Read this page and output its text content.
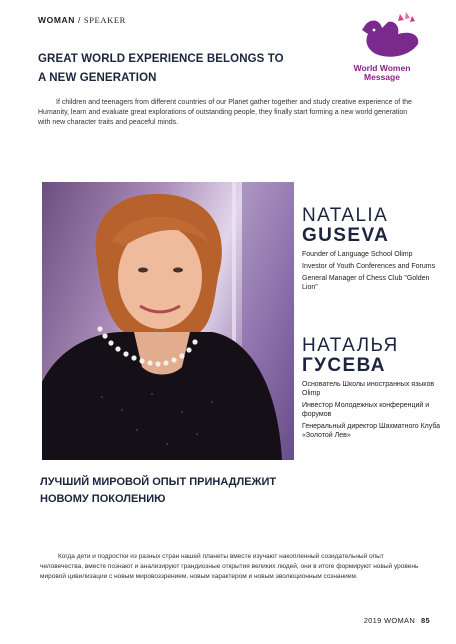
WOMAN / SPEAKER
World Women
Message
GREAT WORLD EXPERIENCE BELONGS TO
A NEW GENERATION
If children and teenagers from different countries of our Planet gather together and study creative experience of the Humanity, learn and evaluate great explorations of outstanding people, they finally start forming a new world generation with new character traits and peaceful minds.
NATALIA
GUSEVA
Founder of Language School Olimp
Investor of Youth Conferences and Forums
General Manager of Chess Club "Golden Lion"
НАТАЛЬЯ
ГУСЕВА
Основатель Школы иностранных языков Olimp
Инвестор Молодежных конференций и форумов
Генеральный директор Шахматного Клуба «Золотой Лев»
ЛУЧШИЙ МИРОВОЙ ОПЫТ ПРИНАДЛЕЖИТ
НОВОМУ ПОКОЛЕНИЮ
Когда дети и подростки из разных стран нашей планеты вместе изучают накопленный созидательный опыт человечества, вместе познают и анализируют грандиозные открытия великих людей, они в итоге формируют новый уровень мировой цивилизации с новым мировоззрением, новым характером и новым эволюционным сознанием.
2019 WOMAN 85
